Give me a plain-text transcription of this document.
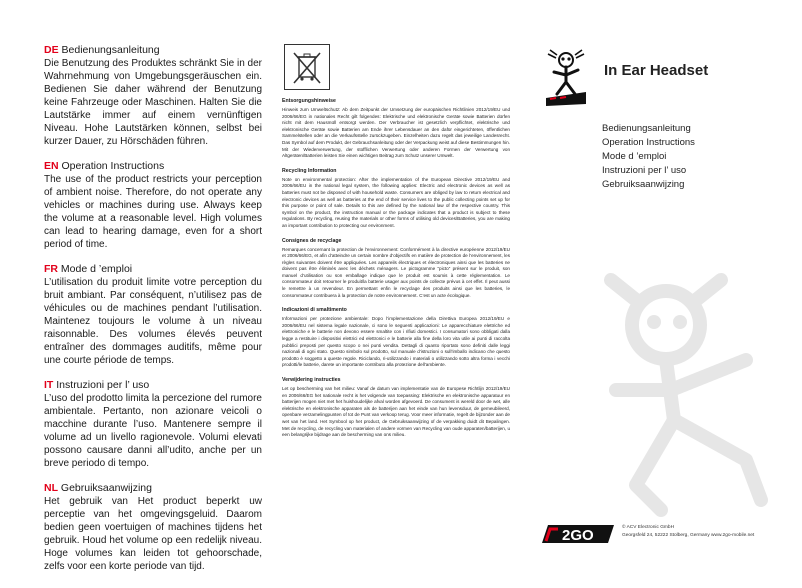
DE Bedienungsanleitung

Die Benutzung des Produktes schränkt Sie in der Wahrnehmung von Umgebungsgeräuschen ein. Bedienen Sie daher während der Benutzung keine Fahrzeuge oder Maschinen. Halten Sie die Lautstärke immer auf einem vernünftigen Niveau. Hohe Lautstärken können, selbst bei kurzer Dauer, zu Hörschäden führen.

EN Operation Instructions

The use of the product restricts your perception of ambient noise. Therefore, do not operate any vehicles or machines during use. Always keep the volume at a reasonable level. High volumes can lead to hearing damage, even for a short period of time.

FR Mode d ’emploi

L’utilisation du produit limite votre perception du bruit ambiant. Par conséquent, n’utilisez pas de véhicules ou de machines pendant l’utilisation. Maintenez toujours le volume à un niveau raisonnable. Des volumes élevés peuvent entraîner des dommages auditifs, même pour une courte période de temps.

IT Instruzioni per l’ uso

L’uso del prodotto limita la percezione del rumore ambientale. Pertanto, non azionare veicoli o macchine durante l’uso. Mantenere sempre il volume ad un livello ragionevole. Volumi elevati possono causare danni all’udito, anche per un breve periodo di tempo.

NL Gebruiksaanwijzing

Het gebruik van Het product beperkt uw perceptie van het omgevingsgeluid. Daarom bedien geen voertuigen of machines tijdens het gebruik. Houd het volume op een redelijk niveau. Hoge volumes kan leiden tot gehoorschade, zelfs voor een korte periode van tijd.

Entsorgungshinweise

Hinweis zum Umweltschutz: Ab dem Zeitpunkt der Umsetzung der europäischen Richtlinien 2012/19/EU und 2006/66/EG in nationales Recht gilt folgendes: Elektrische und elektronische Geräte sowie Batterien dürfen nicht mit dem Hausmüll entsorgt werden. Der Verbraucher ist gesetzlich verpflichtet, elektrische und elektronische Geräte sowie Batterien am Ende ihrer Lebensdauer an den dafür eingerichteten, öffentlichen Sammelstellen oder an die Verkaufsstelle zurückzugeben. Einzelheiten dazu regelt das jeweilige Landesrecht. Das Symbol auf dem Produkt, der Gebrauchsanleitung oder der Verpackung weist auf diese Bestimmungen hin. Mit der Wiederverwertung, der stofflichen Verwertung oder anderen Formen der Verwertung von Altgeräten/Batterien leisten Sie einen wichtigen Beitrag zum Schutz unserer Umwelt.

Recycling Information

Note on environmental protection: After the implementation of the European Directive 2012/19/EU and 2006/66/EU in the national legal system, the following applies: Electric and electronic devices as well as batteries must not be disposed of with household waste. Consumers are obliged by law to return electrical and electronic devices as well as batteries at the end of their service lives to the public collecting points set up for this purpose or point of sale. Details to this are defined by the national law of the respective country. This symbol on the product, the instruction manual or the package indicates that a product is subject to these regulations. By recycling, reusing the materials or other forms of utilising old devices/Batteries, you are making an important contribution to protecting our environment.

Consignes de recyclage

Remarques concernant la protection de l’environnement: Conformément à la directive européenne 2012/19/EU et 2006/66/EG, et afin d’atteindre un certain nombre d’objectifs en matière de protection de l’environnement, les règles suivantes doivent être appliquées. Les appareils électriques et électroniques ainsi que les batteries ne doivent pas être éliminés avec les déchets ménagers. Le pictogramme “picto” présent sur le produit, son manuel d’utilisation ou son emballage indique que le produit est soumis à cette réglementation. Le consommateur doit retourner le produit/la batterie usager aux points de collecte prévus à cet effet. Il peut aussi le remettre à un revendeur. En permettant enfin le recyclage des produits ainsi que les batteries, le consommateur contribuera à la protection de notre environnement. C’est un acte écologique.

Indicazioni di smaltimento

Informazioni per protezione ambientale: Dopo l’implementazione della Direttiva Europea 2012/19/EU e 2006/66/EU nel sistema legale nazionale, ci sono le seguenti applicazioni: Le apparecchiature elettriche ed elettroniche e le batterie non devono essere smaltite con i rifiuti domestici. I consumatori sono obbligati dalla legge a restituire i dispositivi elettrici ed elettronici e le batterie alla fine della loro vita utile ai punti di raccolta pubblici preposti per questo scopo o nei punti vendita. Dettagli di quanto riportato sono definiti dalle leggi nazionali di ogni stato. Questo simbolo sul prodotto, sul manuale d’istruzioni o sull’imballo indicano che questo prodotto è soggetto a queste regole. Riciclando, ri-utilizzando i materiali o utilizzando sotto altra forma i vecchi prodotti/le batterie, darete un importante contributo alla protezione dell’ambiente.

Verwijdering instructies

Let op bescherming van het milieu: Vanaf de datum van implementatie van de Europese Richtlijn 2012/19/EU en 2006/66/EG het nationale recht is het volgende van toepassing: Elektrische en elektronische apparatuur en batterijen mogen niet met het huishoudelijke afval worden afgevoerd. De consument is wereld door de wet, alle elektrische en elektronische apparaten als de batterijen aan het einde van hun levensduur, de gemeubileerd, openbare verzamelingpunten of tot de Punt van verkoop terug. Voor meer informatie, regelt de bijzonder aan de wet van het land. Het Symbool op het product, de Gebruiksaanwijzing of de verpakking duidt dit Bepalingen. Met de recycling, de recycling van materialen of andere vormen van Recycling van oude apparaten/batterijen, u een belangrijke bijdrage aan de bescherming van ons milieu.

In Ear Headset
Bedienungsanleitung
Operation Instructions
Mode d ’emploi
Instruzioni per l’ uso
Gebruiksaanwijzing
2GO	© ACV Electronic GmbH

Georgsfeld 24, 52222 Stolberg, Germany www.2go-mobile.net
